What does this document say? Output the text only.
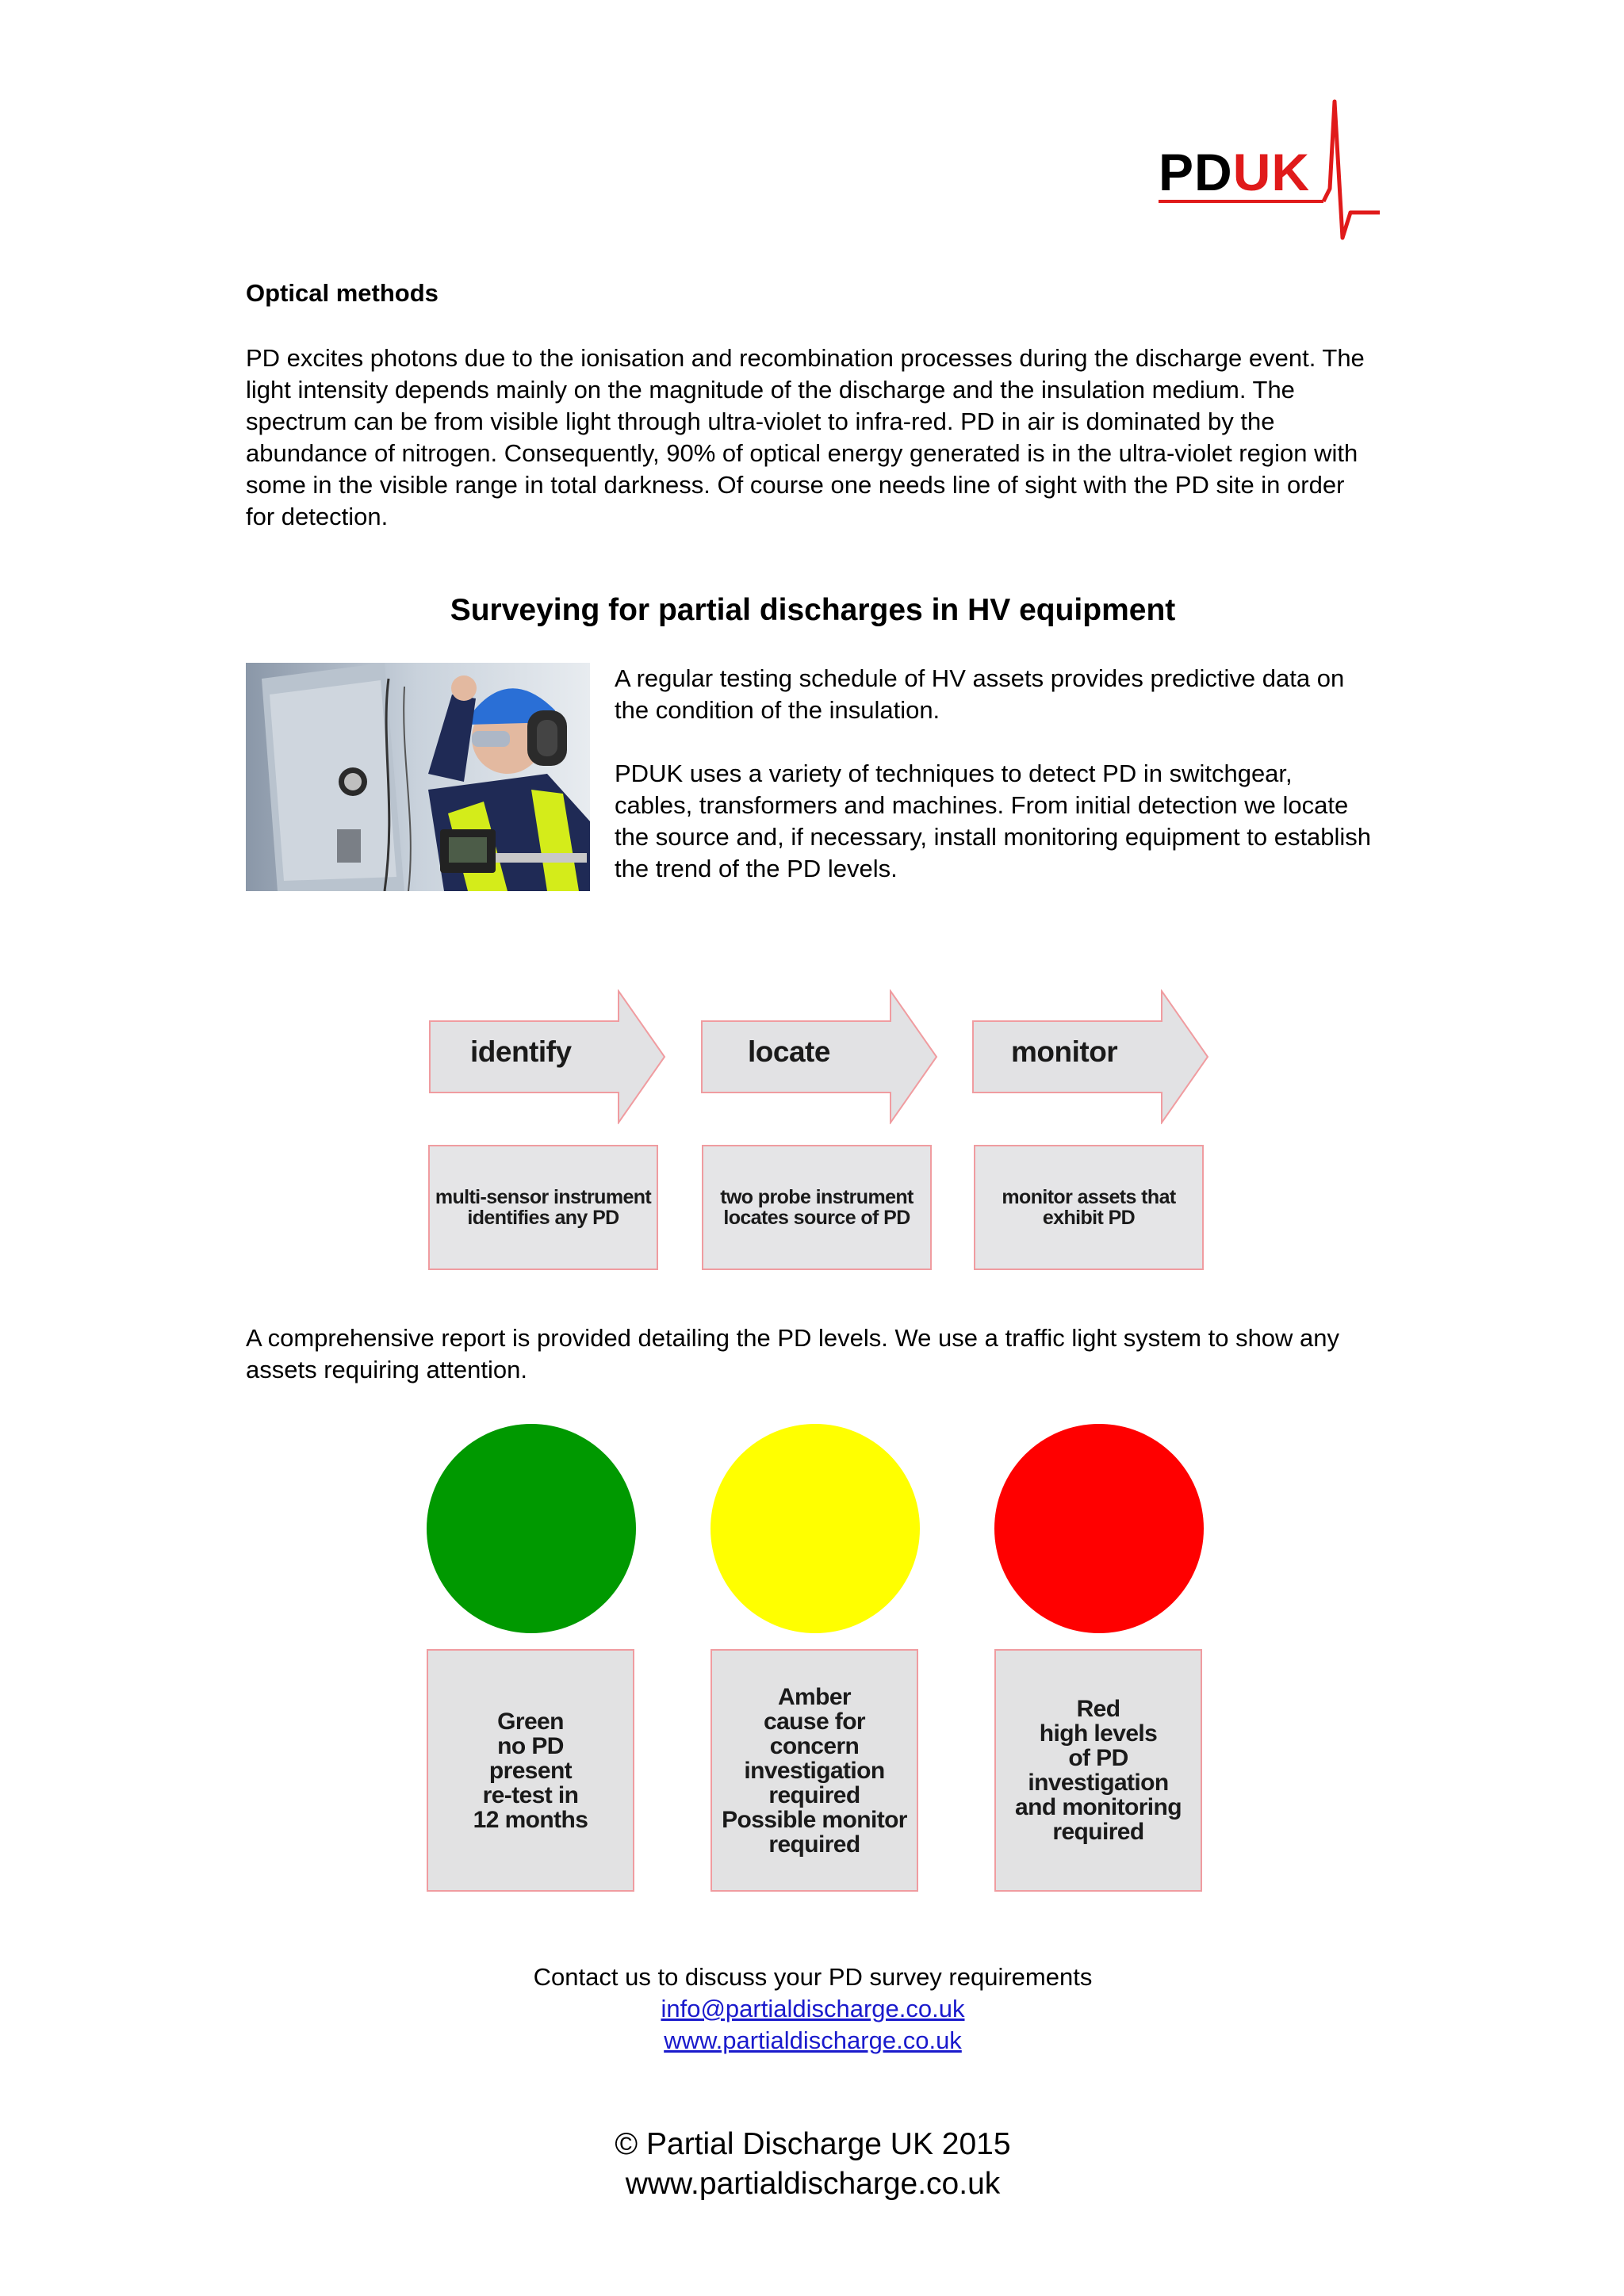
PDUK
Optical methods
PD excites photons due to the ionisation and recombination processes during the discharge event. The light intensity depends mainly on the magnitude of the discharge and the insulation medium. The spectrum can be from visible light through ultra-violet to infra-red. PD in air is dominated by the abundance of nitrogen. Consequently, 90% of optical energy generated is in the ultra-violet region with some in the visible range in total darkness. Of course one needs line of sight with the PD site in order for detection.
Surveying for partial discharges in HV equipment
A regular testing schedule of HV assets provides predictive data on the condition of the insulation.
PDUK uses a variety of techniques to detect PD in switchgear, cables, transformers and machines. From initial detection we locate the source and, if necessary, install monitoring equipment to establish the trend of the PD levels.
identify
multi-sensor instrument identifies any PD
locate
two probe instrument locates source of PD
monitor
monitor assets that exhibit PD
A comprehensive report is provided detailing the PD levels. We use a traffic light system to show any assets requiring attention.
Green
no PD
present
re-test in
12 months
Amber
cause for
concern
investigation
required
Possible monitor
required
Red
high levels
of PD
investigation
and monitoring
required
Contact us to discuss your PD survey requirements
info@partialdischarge.co.uk
www.partialdischarge.co.uk
© Partial Discharge UK 2015
www.partialdischarge.co.uk
